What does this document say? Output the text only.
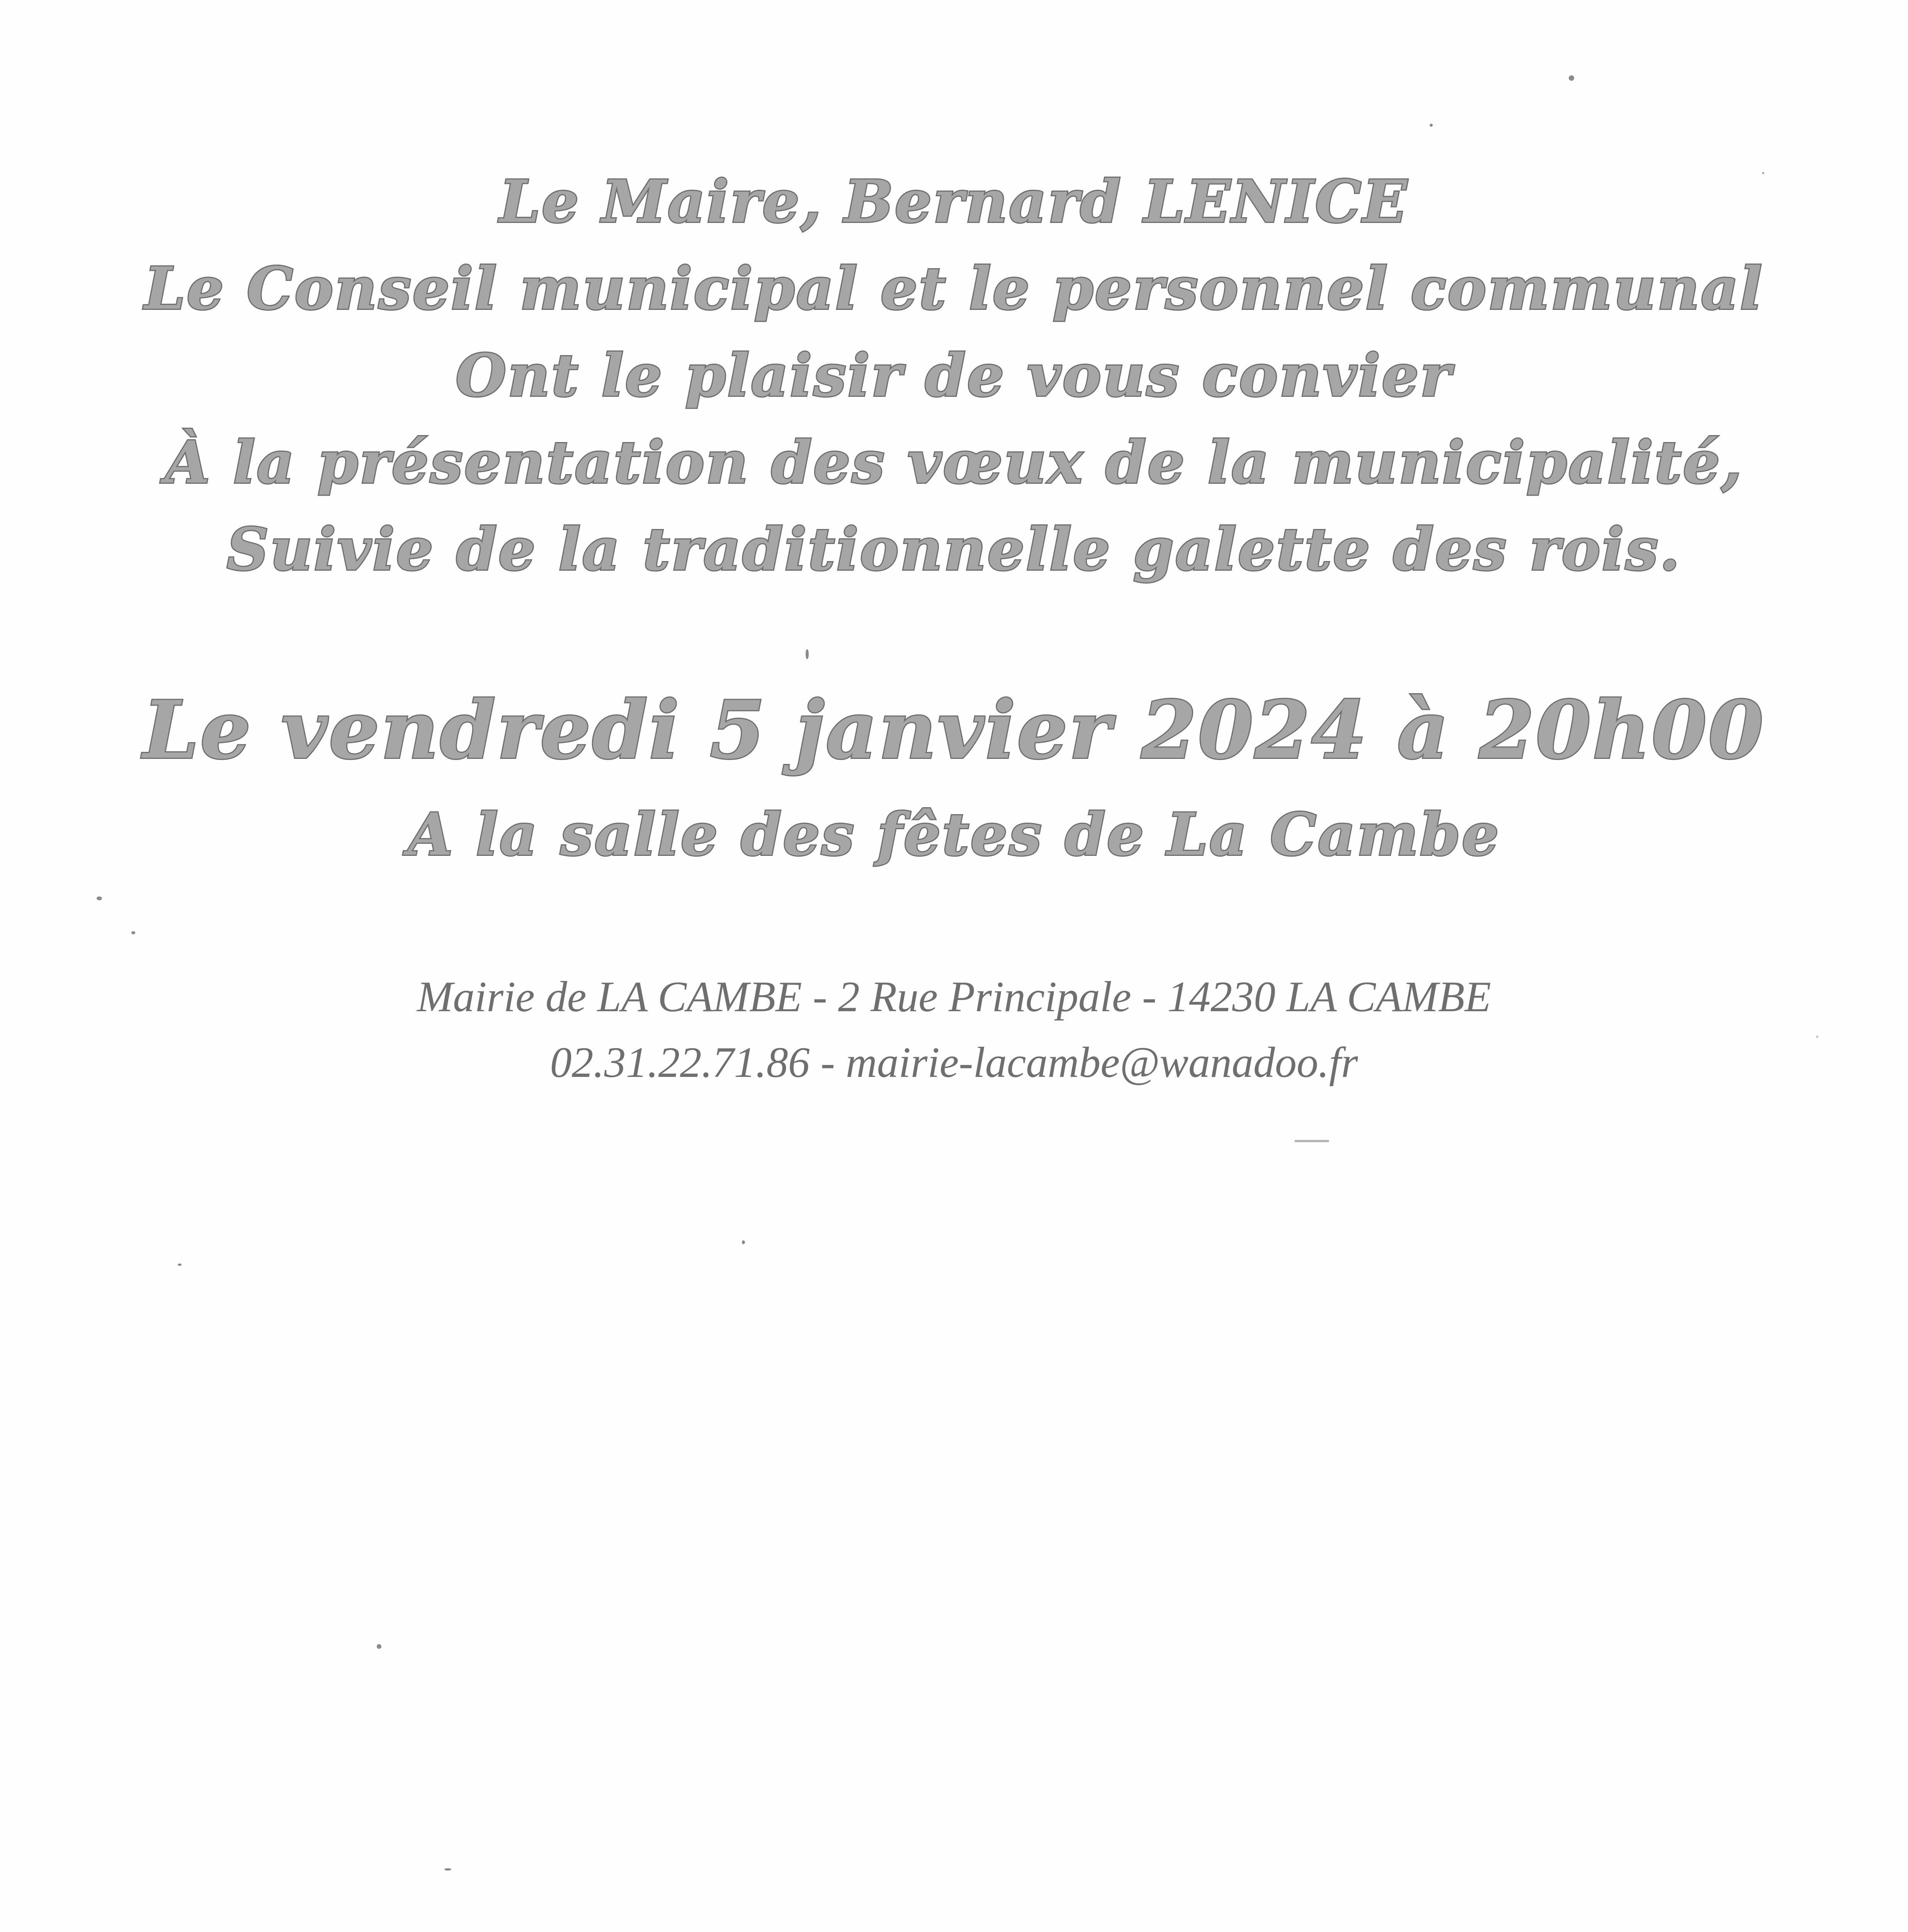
Le Maire, Bernard LENICE
Le Conseil municipal et le personnel communal
Ont le plaisir de vous convier
À la présentation des vœux de la municipalité,
Suivie de la traditionnelle galette des rois.
Le vendredi 5 janvier 2024 à 20h00
A la salle des fêtes de La Cambe
Mairie de LA CAMBE - 2 Rue Principale - 14230 LA CAMBE
02.31.22.71.86 - mairie-lacambe@wanadoo.fr
